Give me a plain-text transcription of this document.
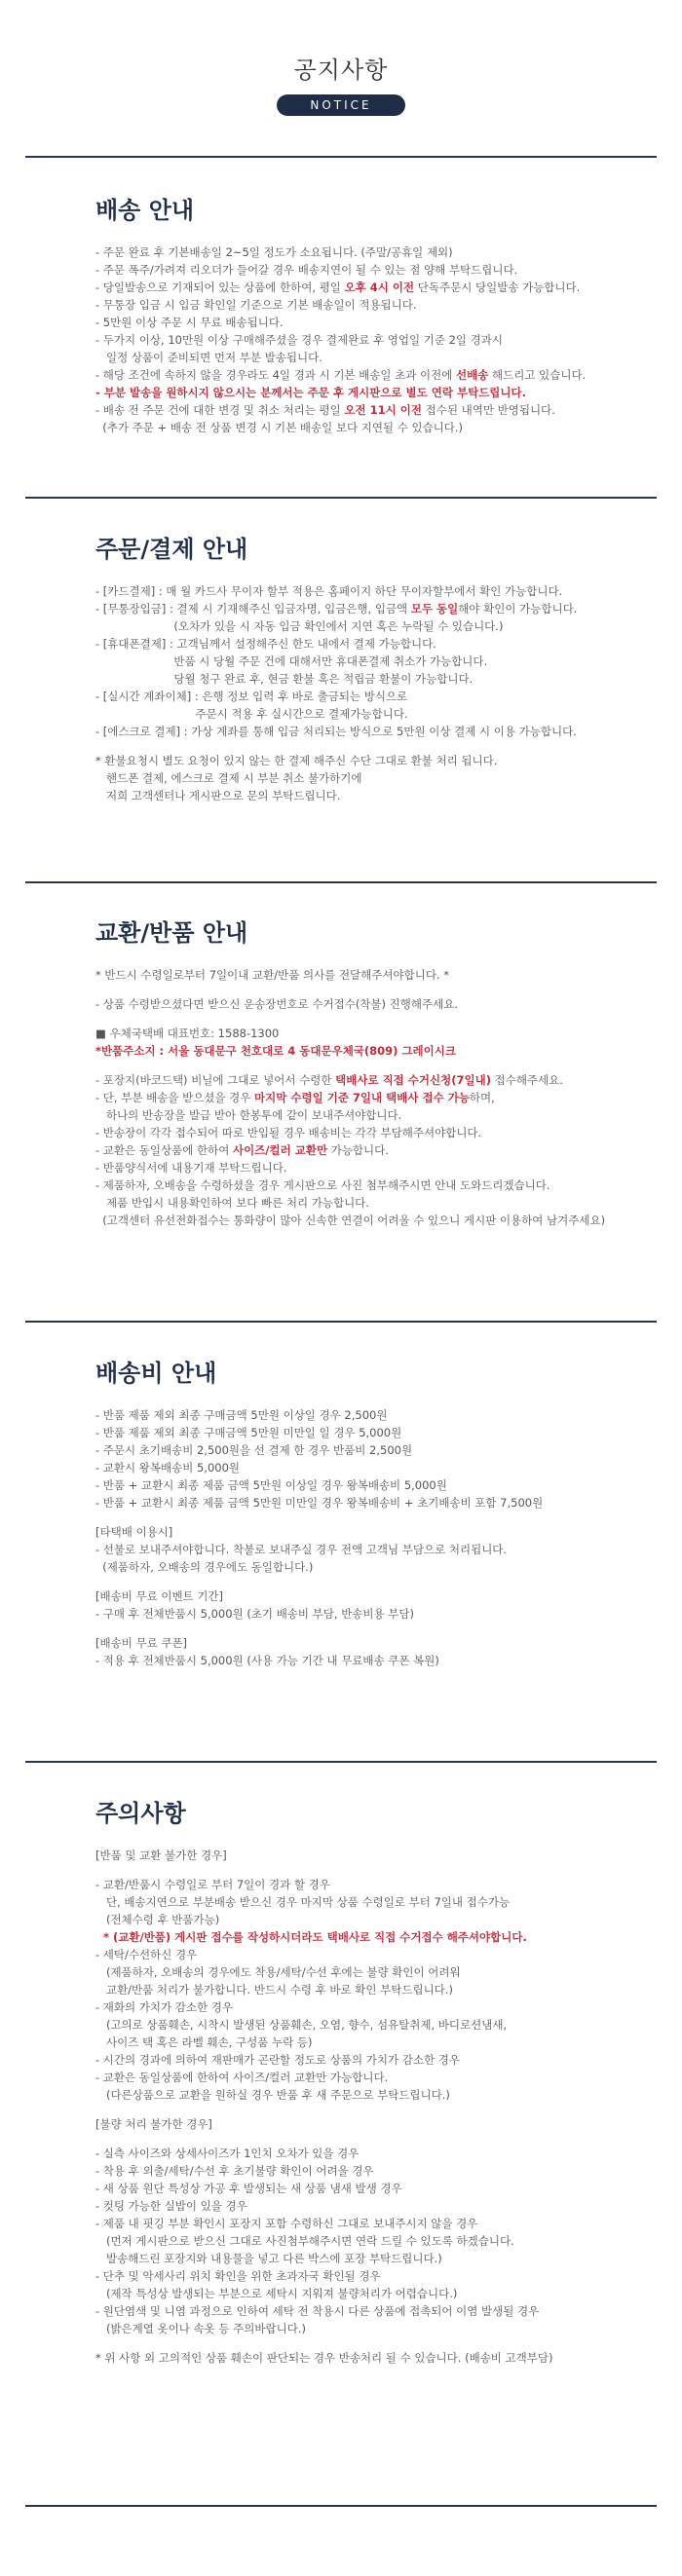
공지사항
NOTICE
배송 안내
- 주문 완료 후 기본배송일 2~5일 정도가 소요됩니다. (주말/공휴일 제외)
- 주문 폭주/가려져 리오더가 들어갈 경우 배송지연이 될 수 있는 점 양해 부탁드립니다.
- 당일발송으로 기재되어 있는 상품에 한하여, 평일 오후 4시 이전 단독주문시 당일발송 가능합니다.
- 무통장 입금 시 입금 확인일 기준으로 기본 배송일이 적용됩니다.
- 5만원 이상 주문 시 무료 배송됩니다.
- 두가지 이상, 10만원 이상 구매해주셨을 경우 결제완료 후 영업일 기준 2일 경과시
일정 상품이 준비되면 먼저 부분 발송됩니다.
- 해당 조건에 속하지 않을 경우라도 4일 경과 시 기본 배송일 초과 이전에 선배송 해드리고 있습니다.
- 부분 발송을 원하시지 않으시는 분께서는 주문 후 게시판으로 별도 연락 부탁드립니다.
- 배송 전 주문 건에 대한 변경 및 취소 처리는 평일 오전 11시 이전 접수된 내역만 반영됩니다.
(추가 주문 + 배송 전 상품 변경 시 기본 배송일 보다 지연될 수 있습니다.)
주문/결제 안내
- [카드결제] : 매 월 카드사 무이자 할부 적용은 홈페이지 하단 무이자할부에서 확인 가능합니다.
- [무통장입금] : 결제 시 기재해주신 입금자명, 입금은행, 입금액 모두 동일해야 확인이 가능합니다.
(오차가 있을 시 자동 입금 확인에서 지연 혹은 누락될 수 있습니다.)
- [휴대폰결제] : 고객님께서 설정해주신 한도 내에서 결제 가능합니다.
반품 시 당월 주문 건에 대해서만 휴대폰결제 취소가 가능합니다.
당월 청구 완료 후, 현금 환불 혹은 적립금 환불이 가능합니다.
- [실시간 계좌이체] : 은행 정보 입력 후 바로 출금되는 방식으로
주문시 적용 후 실시간으로 결제가능합니다.
- [에스크로 결제] : 가상 계좌를 통해 입금 처리되는 방식으로 5만원 이상 결제 시 이용 가능합니다.
* 환불요청시 별도 요청이 있지 않는 한 결제 해주신 수단 그대로 환불 처리 됩니다.
핸드폰 결제, 에스크로 결제 시 부분 취소 불가하기에
저희 고객센터나 게시판으로 문의 부탁드립니다.
교환/반품 안내
* 반드시 수령일로부터 7일이내 교환/반품 의사를 전달해주셔야합니다. *
- 상품 수령받으셨다면 받으신 운송장번호로 수거접수(착불) 진행해주세요.
■ 우체국택배 대표번호: 1588-1300
*반품주소지 : 서울 동대문구 천호대로 4 동대문우체국(809) 그레이시크
- 포장지(바코드택) 비닐에 그대로 넣어서 수령한 택배사로 직접 수거신청(7일내) 접수해주세요.
- 단, 부분 배송을 받으셨을 경우 마지막 수령일 기준 7일내 택배사 접수 가능하며,
하나의 반송장을 발급 받아 한봉투에 같이 보내주셔야합니다.
- 반송장이 각각 접수되어 따로 반입될 경우 배송비는 각각 부담해주셔야합니다.
- 교환은 동일상품에 한하여 사이즈/컬러 교환만 가능합니다.
- 반품양식서에 내용기재 부탁드립니다.
- 제품하자, 오배송을 수령하셨을 경우 게시판으로 사진 첨부해주시면 안내 도와드리겠습니다.
제품 반입시 내용확인하여 보다 빠른 처리 가능합니다.
(고객센터 유선전화접수는 통화량이 많아 신속한 연결이 어려울 수 있으니 게시판 이용하여 남겨주세요)
배송비 안내
- 반품 제품 제외 최종 구매금액 5만원 이상일 경우 2,500원
- 반품 제품 제외 최종 구매금액 5만원 미만일 일 경우 5,000원
- 주문시 초기배송비 2,500원을 선 결제 한 경우 반품비 2,500원
- 교환시 왕복배송비 5,000원
- 반품 + 교환시 최종 제품 금액 5만원 이상일 경우 왕복배송비 5,000원
- 반품 + 교환시 최종 제품 금액 5만원 미만일 경우 왕복배송비 + 초기배송비 포함 7,500원
[타택배 이용시]
- 선불로 보내주셔야합니다. 착불로 보내주실 경우 전액 고객님 부담으로 처리됩니다.
(제품하자, 오배송의 경우에도 동일합니다.)
[배송비 무료 이벤트 기간]
- 구매 후 전체반품시 5,000원 (초기 배송비 부담, 반송비용 부담)
[배송비 무료 쿠폰]
- 적용 후 전체반품시 5,000원 (사용 가능 기간 내 무료배송 쿠폰 복원)
주의사항
[반품 및 교환 불가한 경우]
- 교환/반품시 수령일로 부터 7일이 경과 할 경우
단, 배송지연으로 부분배송 받으신 경우 마지막 상품 수령일로 부터 7일내 접수가능
(전체수령 후 반품가능)
* (교환/반품) 게시판 접수를 작성하시더라도 택배사로 직접 수거접수 해주셔야합니다.
- 세탁/수선하신 경우
(제품하자, 오배송의 경우에도 착용/세탁/수선 후에는 불량 확인이 어려워
교환/반품 처리가 불가합니다. 반드시 수령 후 바로 확인 부탁드립니다.)
- 재화의 가치가 감소한 경우
(고의로 상품훼손, 시착시 발생된 상품훼손, 오염, 향수, 섬유탈취제, 바디로션냄새,
사이즈 택 혹은 라벨 훼손, 구성품 누락 등)
- 시간의 경과에 의하여 재판매가 곤란할 정도로 상품의 가치가 감소한 경우
- 교환은 동일상품에 한하여 사이즈/컬러 교환만 가능합니다.
(다른상품으로 교환을 원하실 경우 반품 후 새 주문으로 부탁드립니다.)
[불량 처리 불가한 경우]
- 실측 사이즈와 상세사이즈가 1인치 오차가 있을 경우
- 착용 후 외출/세탁/수선 후 초기불량 확인이 어려울 경우
- 새 상품 원단 특성상 가공 후 발생되는 새 상품 냄새 발생 경우
- 컷팅 가능한 실밥이 있을 경우
- 제품 내 핏깅 부분 확인시 포장지 포함 수령하신 그대로 보내주시지 않을 경우
(먼저 게시판으로 받으신 그대로 사진첨부해주시면 연락 드릴 수 있도록 하겠습니다.
발송해드린 포장지와 내용물을 넣고 다른 박스에 포장 부탁드립니다.)
- 단추 및 악세사리 위치 확인을 위한 초과자국 확인될 경우
(제작 특성상 발생되는 부분으로 세탁시 지워져 불량처리가 어렵습니다.)
- 원단염색 및 니염 과정으로 인하여 세탁 전 착용시 다른 상품에 접촉되어 이염 발생될 경우
(밝은계열 옷이나 속옷 등 주의바랍니다.)
* 위 사항 외 고의적인 상품 훼손이 판단되는 경우 반송처리 될 수 있습니다. (배송비 고객부담)
